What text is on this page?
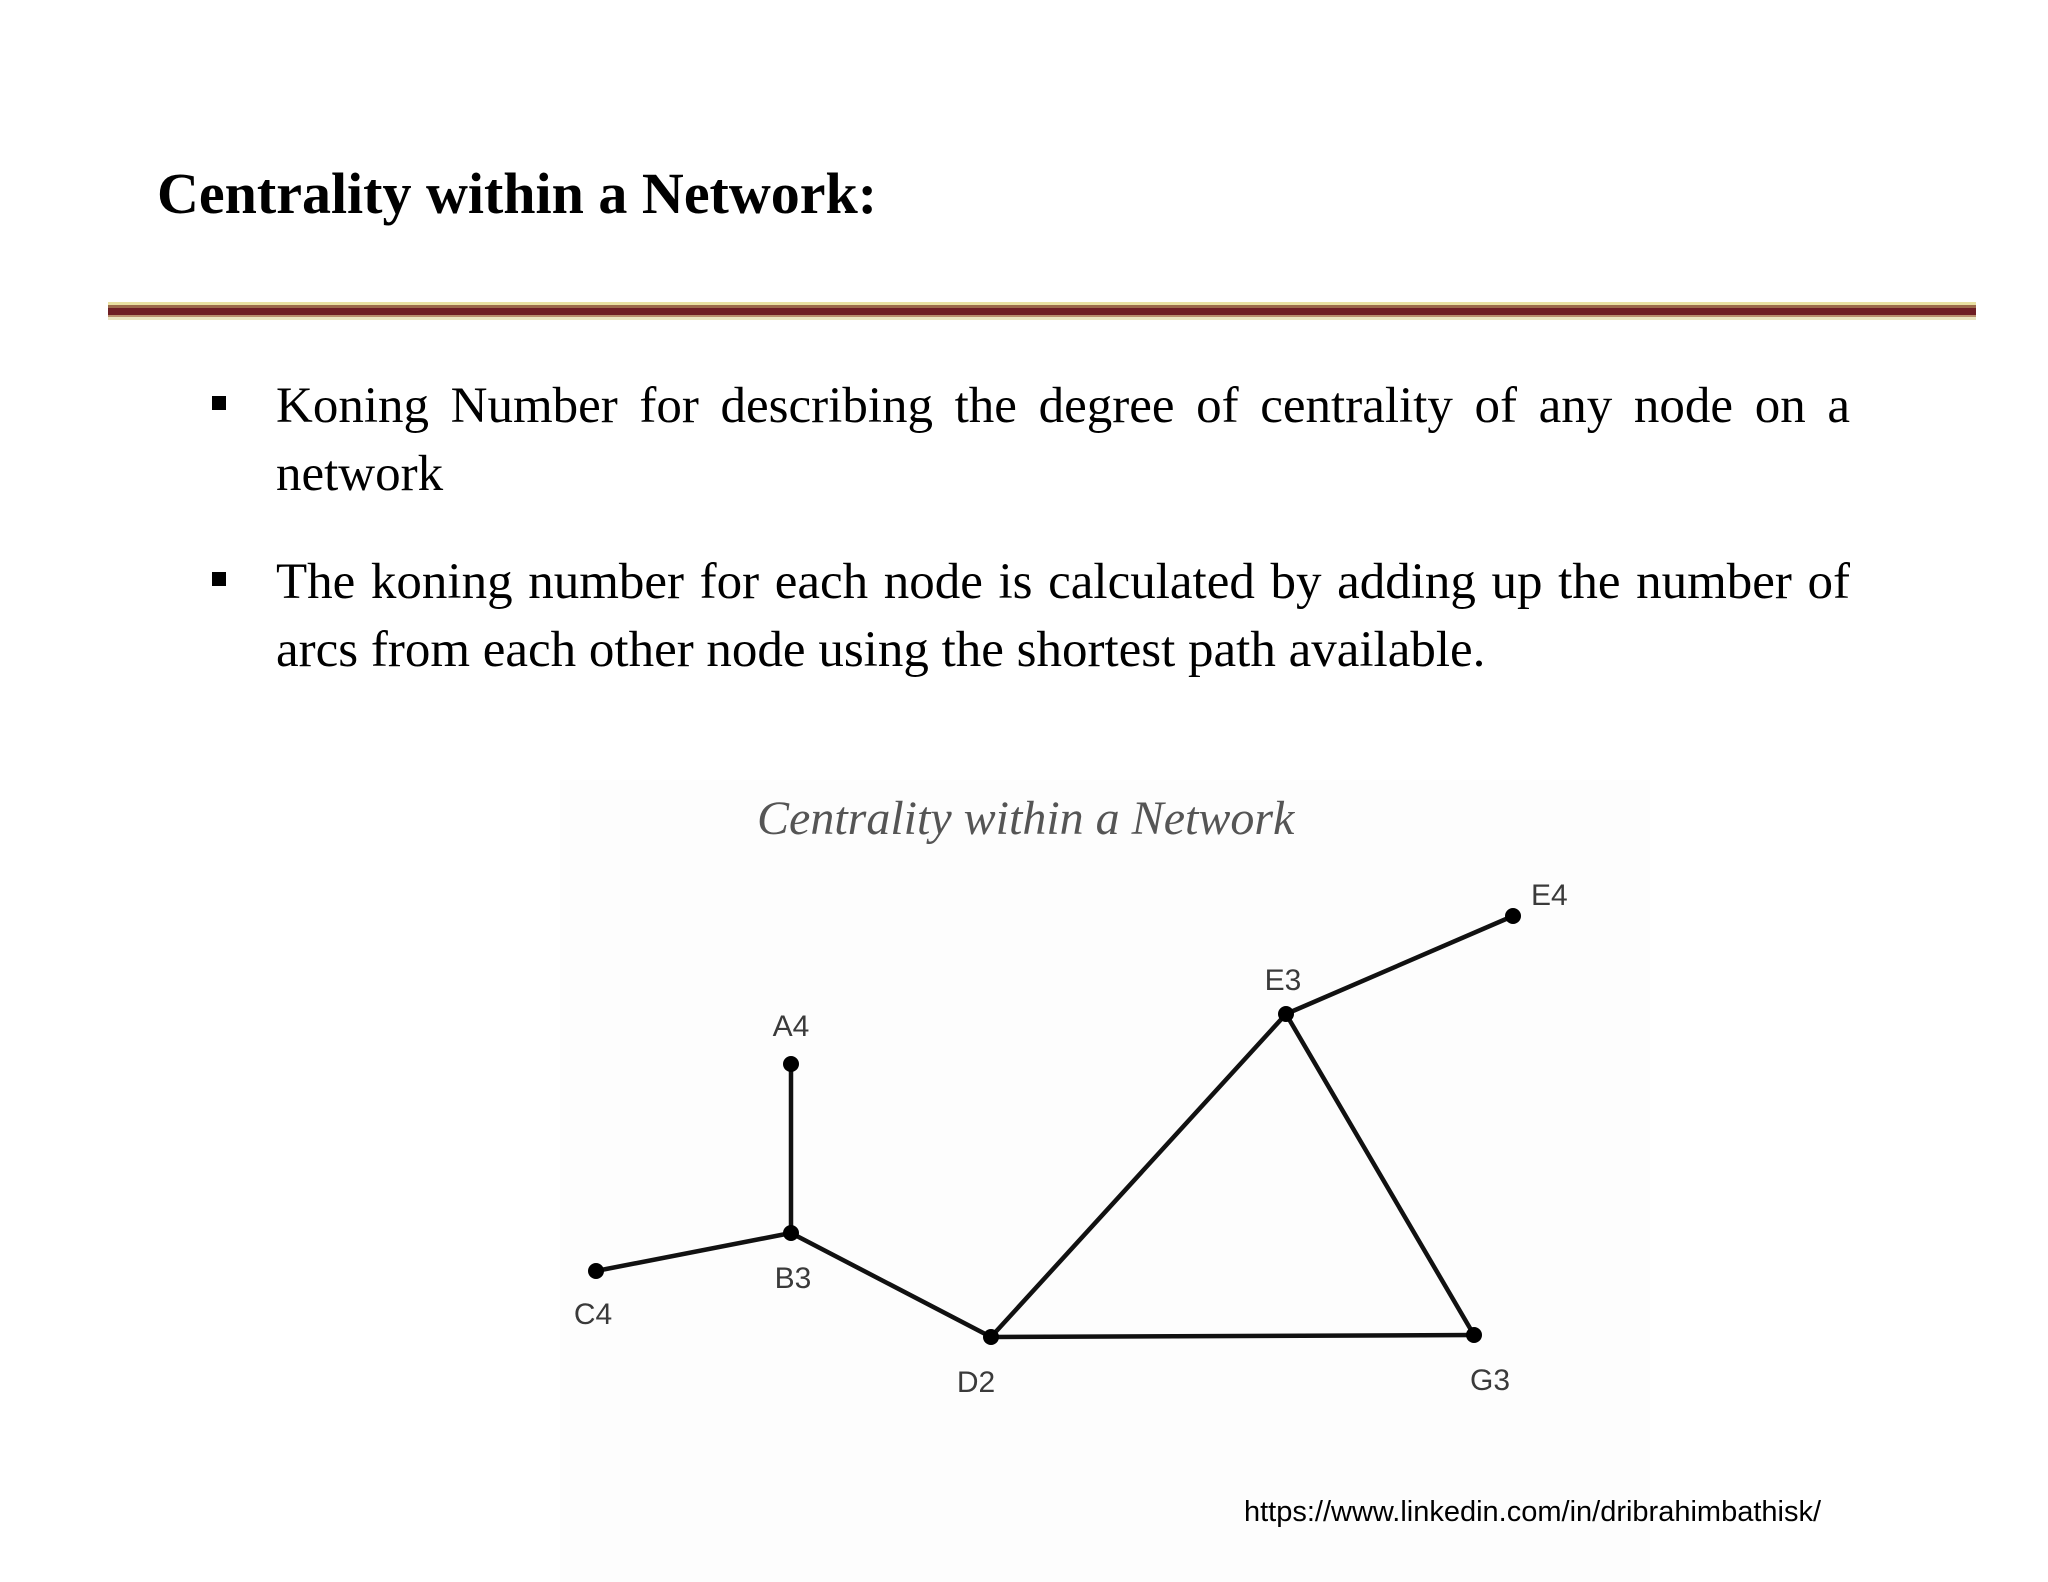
Centrality within a Network:
Koning Number for describing the degree of centrality of any node on a network
The koning number for each node is calculated by adding up the number of arcs from each other node using the shortest path available.

Centrality within a Network

A4
B3
C4
D2
E3
E4
G3
https://www.linkedin.com/in/dribrahimbathisk/
